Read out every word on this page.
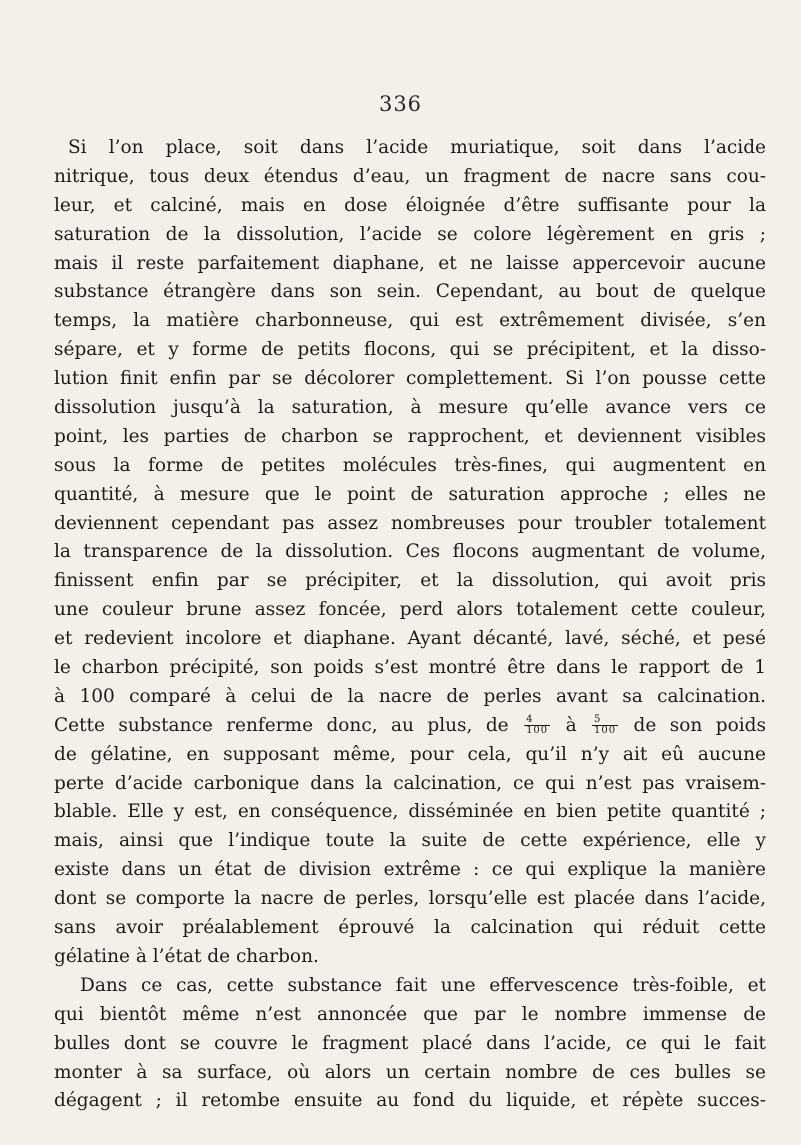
336
Si l’on place, soit dans l’acide muriatique, soit dans l’acide
nitrique, tous deux étendus d’eau, un fragment de nacre sans cou-
leur, et calciné, mais en dose éloignée d’être suffisante pour la
saturation de la dissolution, l’acide se colore légèrement en gris ;
mais il reste parfaitement diaphane, et ne laisse appercevoir aucune
substance étrangère dans son sein. Cependant, au bout de quelque
temps, la matière charbonneuse, qui est extrêmement divisée, s’en
sépare, et y forme de petits flocons, qui se précipitent, et la disso-
lution finit enfin par se décolorer complettement. Si l’on pousse cette
dissolution jusqu’à la saturation, à mesure qu’elle avance vers ce
point, les parties de charbon se rapprochent, et deviennent visibles
sous la forme de petites molécules très-fines, qui augmentent en
quantité, à mesure que le point de saturation approche ; elles ne
deviennent cependant pas assez nombreuses pour troubler totalement
la transparence de la dissolution. Ces flocons augmentant de volume,
finissent enfin par se précipiter, et la dissolution, qui avoit pris
une couleur brune assez foncée, perd alors totalement cette couleur,
et redevient incolore et diaphane. Ayant décanté, lavé, séché, et pesé
le charbon précipité, son poids s’est montré être dans le rapport de 1
à 100 comparé à celui de la nacre de perles avant sa calcination.
Cette substance renferme donc, au plus, de $\frac{4}{100}$ à $\frac{5}{100}$ de son poids
de gélatine, en supposant même, pour cela, qu’il n’y ait eû aucune
perte d’acide carbonique dans la calcination, ce qui n’est pas vraisem-
blable. Elle y est, en conséquence, disséminée en bien petite quantité ;
mais, ainsi que l’indique toute la suite de cette expérience, elle y
existe dans un état de division extrême : ce qui explique la manière
dont se comporte la nacre de perles, lorsqu’elle est placée dans l’acide,
sans avoir préalablement éprouvé la calcination qui réduit cette
gélatine à l’état de charbon.
Dans ce cas, cette substance fait une effervescence très-foible, et
qui bientôt même n’est annoncée que par le nombre immense de
bulles dont se couvre le fragment placé dans l’acide, ce qui le fait
monter à sa surface, où alors un certain nombre de ces bulles se
dégagent ; il retombe ensuite au fond du liquide, et répète succes-
